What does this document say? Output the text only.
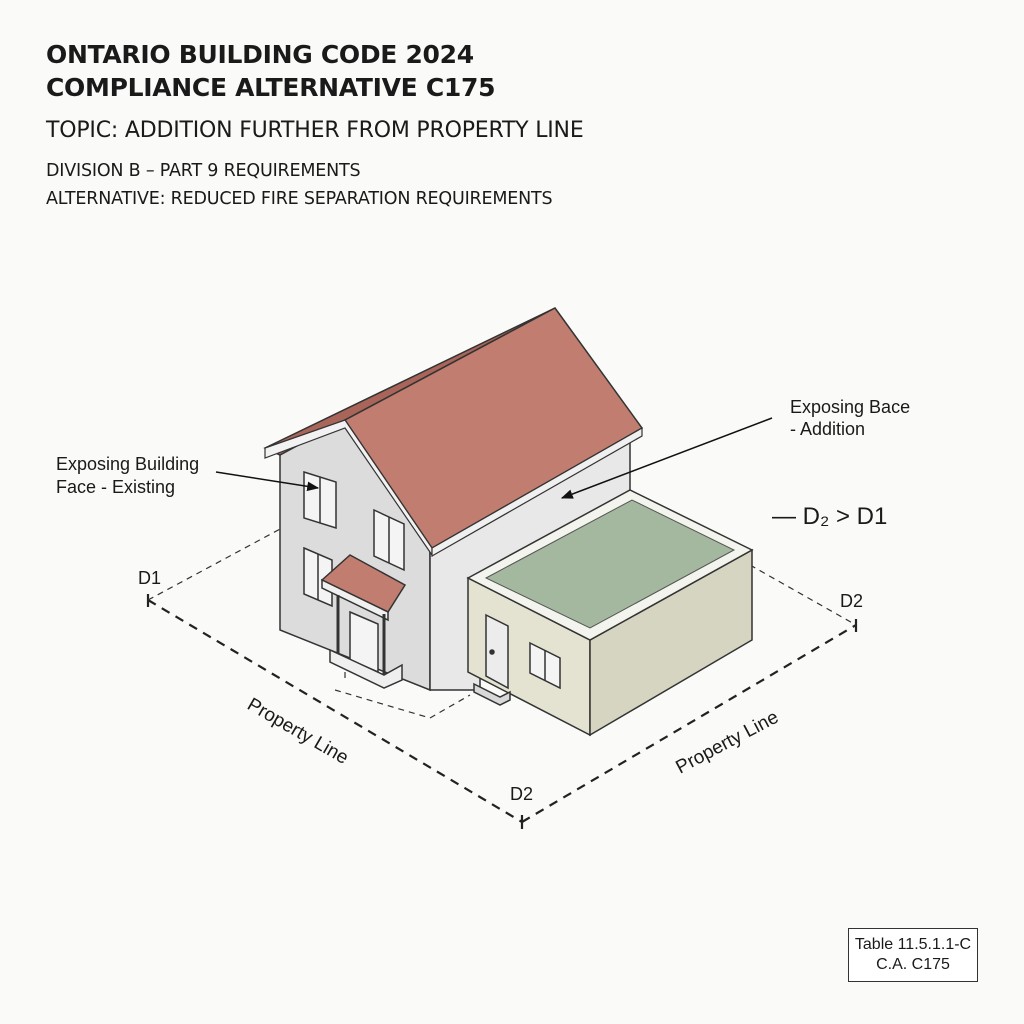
ONTARIO BUILDING CODE 2024
COMPLIANCE ALTERNATIVE C175
TOPIC: ADDITION FURTHER FROM PROPERTY LINE
DIVISION B – PART 9 REQUIREMENTS
ALTERNATIVE: REDUCED FIRE SEPARATION REQUIREMENTS
Exposing Building
Face - Existing
Exposing Bace
- Addition
— D₂ > D1
D1
D2
D2
Property Line	Property Line
Table 11.5.1.1-C
C.A. C175
